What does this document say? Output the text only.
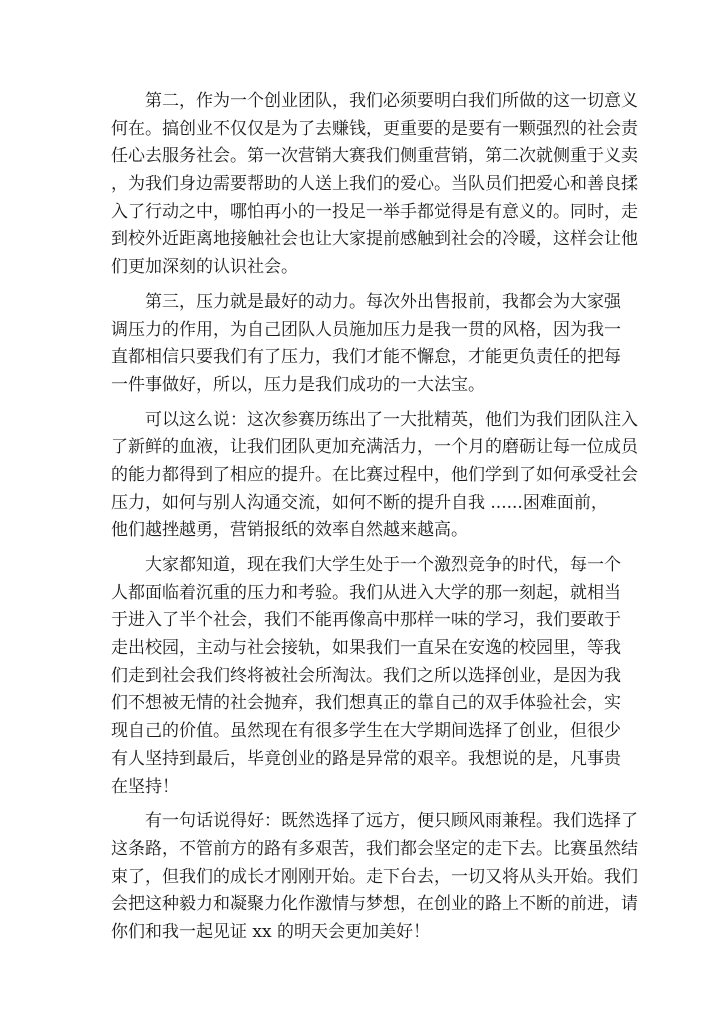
第二，作为一个创业团队，我们必须要明白我们所做的这一切意义
何在。搞创业不仅仅是为了去赚钱，更重要的是要有一颗强烈的社会责
任心去服务社会。第一次营销大赛我们侧重营销，第二次就侧重于义卖
，为我们身边需要帮助的人送上我们的爱心。当队员们把爱心和善良揉
入了行动之中，哪怕再小的一投足一举手都觉得是有意义的。同时，走
到校外近距离地接触社会也让大家提前感触到社会的冷暖，这样会让他
们更加深刻的认识社会。
第三，压力就是最好的动力。每次外出售报前，我都会为大家强
调压力的作用，为自己团队人员施加压力是我一贯的风格，因为我一
直都相信只要我们有了压力，我们才能不懈怠，才能更负责任的把每
一件事做好，所以，压力是我们成功的一大法宝。
可以这么说：这次参赛历练出了一大批精英，他们为我们团队注入
了新鲜的血液，让我们团队更加充满活力，一个月的磨砺让每一位成员
的能力都得到了相应的提升。在比赛过程中，他们学到了如何承受社会
压力，如何与别人沟通交流，如何不断的提升自我 ......困难面前，
他们越挫越勇，营销报纸的效率自然越来越高。
大家都知道，现在我们大学生处于一个激烈竞争的时代，每一个
人都面临着沉重的压力和考验。我们从进入大学的那一刻起，就相当
于进入了半个社会，我们不能再像高中那样一味的学习，我们要敢于
走出校园，主动与社会接轨，如果我们一直呆在安逸的校园里，等我
们走到社会我们终将被社会所淘汰。我们之所以选择创业，是因为我
们不想被无情的社会抛弃，我们想真正的靠自己的双手体验社会，实
现自己的价值。虽然现在有很多学生在大学期间选择了创业，但很少
有人坚持到最后，毕竟创业的路是异常的艰辛。我想说的是，凡事贵
在坚持！
有一句话说得好：既然选择了远方，便只顾风雨兼程。我们选择了
这条路，不管前方的路有多艰苦，我们都会坚定的走下去。比赛虽然结
束了，但我们的成长才刚刚开始。走下台去，一切又将从头开始。我们
会把这种毅力和凝聚力化作激情与梦想，在创业的路上不断的前进，请
你们和我一起见证 xx 的明天会更加美好！
